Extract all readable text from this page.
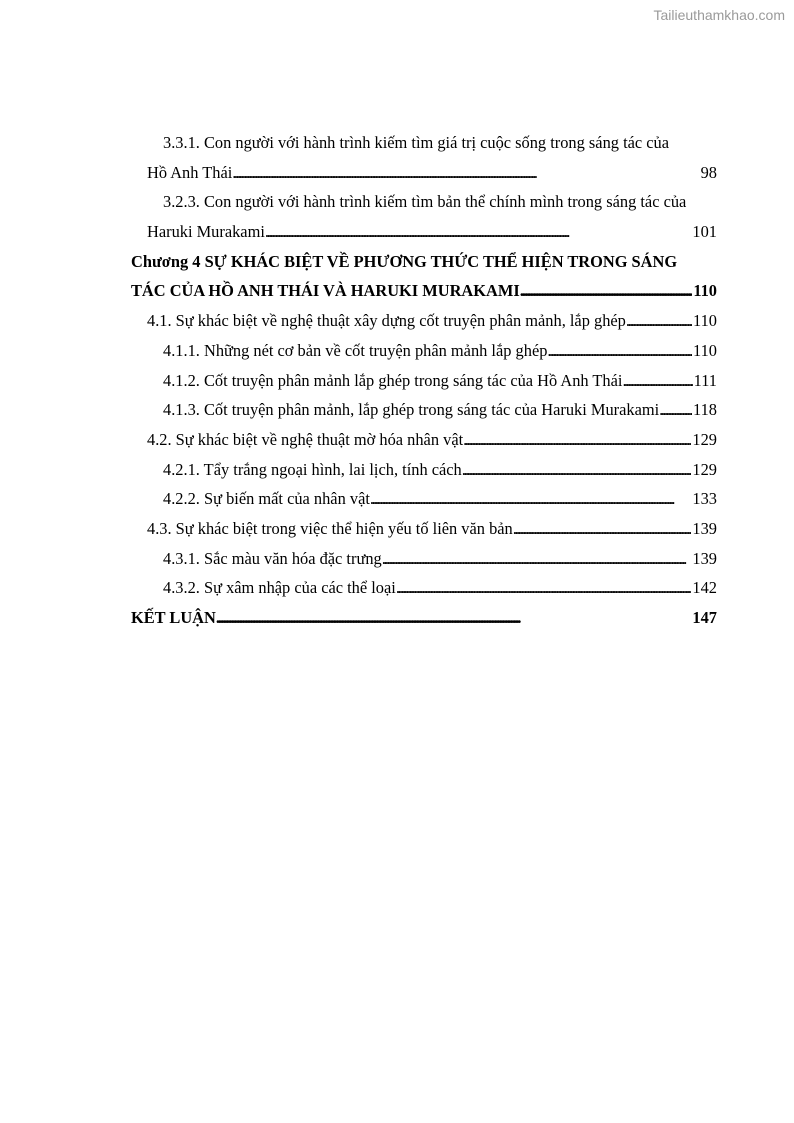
Tailieuthamkhao.com
3.3.1. Con người với hành trình kiếm tìm giá trị cuộc sống trong sáng tác của
Hồ Anh Thái . . .	98
3.2.3. Con người với hành trình kiếm tìm bản thể chính mình trong sáng tác của
Haruki Murakami . . .	101
Chương 4 SỰ KHÁC BIỆT VỀ PHƯƠNG THỨC THỂ HIỆN TRONG SÁNG
TÁC CỦA HỒ ANH THÁI VÀ HARUKI MURAKAMI . . .	110
4.1. Sự khác biệt về nghệ thuật xây dựng cốt truyện phân mảnh, lắp ghép . . .	110
4.1.1. Những nét cơ bản về cốt truyện phân mảnh lắp ghép . . .	110
4.1.2. Cốt truyện phân mảnh lắp ghép trong sáng tác của Hồ Anh Thái . . .	111
4.1.3. Cốt truyện phân mảnh, lắp ghép trong sáng tác của Haruki Murakami . . . 118
4.2. Sự khác biệt về nghệ thuật mờ hóa nhân vật . . .	129
4.2.1. Tẩy trắng ngoại hình, lai lịch, tính cách . . .	129
4.2.2. Sự biến mất của nhân vật . . .	133
4.3. Sự khác biệt trong việc thể hiện yếu tố liên văn bản . . .	139
4.3.1. Sắc màu văn hóa đặc trưng . . .	139
4.3.2. Sự xâm nhập của các thể loại . . .	142
KẾT LUẬN . . .	147
